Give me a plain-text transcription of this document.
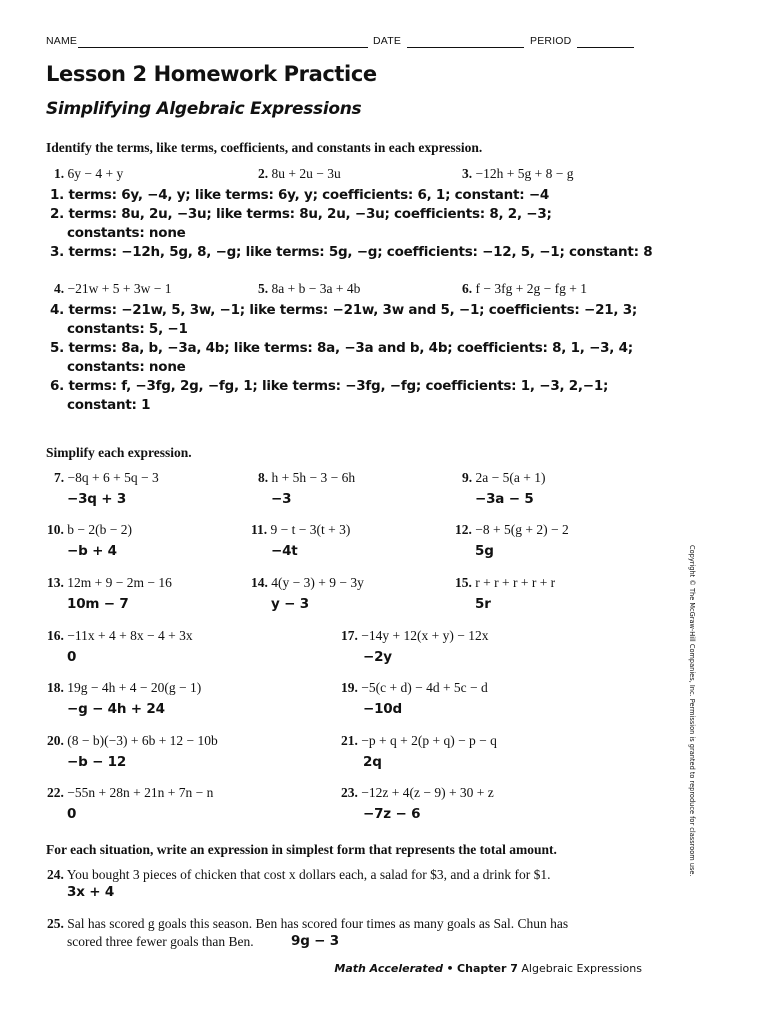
NAME	DATE	PERIOD
Lesson 2 Homework Practice
Simplifying Algebraic Expressions
Identify the terms, like terms, coefficients, and constants in each expression.
1. 6y − 4 + y	2. 8u + 2u − 3u	3. −12h + 5g + 8 − g
1. terms: 6y, −4, y; like terms: 6y, y; coefficients: 6, 1; constant: −4
2. terms: 8u, 2u, −3u; like terms: 8u, 2u, −3u; coefficients: 8, 2, −3;
constants: none
3. terms: −12h, 5g, 8, −g; like terms: 5g, −g; coefficients: −12, 5, −1; constant: 8
4. −21w + 5 + 3w − 1	5. 8a + b − 3a + 4b	6. f − 3fg + 2g − fg + 1
4. terms: −21w, 5, 3w, −1; like terms: −21w, 3w and 5, −1; coefficients: −21, 3;
constants: 5, −1
5. terms: 8a, b, −3a, 4b; like terms: 8a, −3a and b, 4b; coefficients: 8, 1, −3, 4;
constants: none
6. terms: f, −3fg, 2g, −fg, 1; like terms: −3fg, −fg; coefficients: 1, −3, 2,−1;
constant: 1
Simplify each expression.
7. −8q + 6 + 5q − 3
−3q + 3
8. h + 5h − 3 − 6h
−3
9. 2a − 5(a + 1)
−3a − 5
10. b − 2(b − 2)
−b + 4
11. 9 − t − 3(t + 3)
−4t
12. −8 + 5(g + 2) − 2
5g
13. 12m + 9 − 2m − 16
10m − 7
14. 4(y − 3) + 9 − 3y
y − 3
15. r + r + r + r + r
5r
16. −11x + 4 + 8x − 4 + 3x
0
17. −14y + 12(x + y) − 12x
−2y
18. 19g − 4h + 4 − 20(g − 1)
−g − 4h + 24
19. −5(c + d) − 4d + 5c − d
−10d
20. (8 − b)(−3) + 6b + 12 − 10b
−b − 12
21. −p + q + 2(p + q) − p − q
2q
22. −55n + 28n + 21n + 7n − n
0
23. −12z + 4(z − 9) + 30 + z
−7z − 6
For each situation, write an expression in simplest form that represents the total amount.
24. You bought 3 pieces of chicken that cost x dollars each, a salad for $3, and a drink for $1.
3x + 4
25. Sal has scored g goals this season. Ben has scored four times as many goals as Sal. Chun has
scored three fewer goals than Ben.	9g − 3
Copyright © The McGraw-Hill Companies, Inc. Permission is granted to reproduce for classroom use.
Math Accelerated • Chapter 7 Algebraic Expressions
